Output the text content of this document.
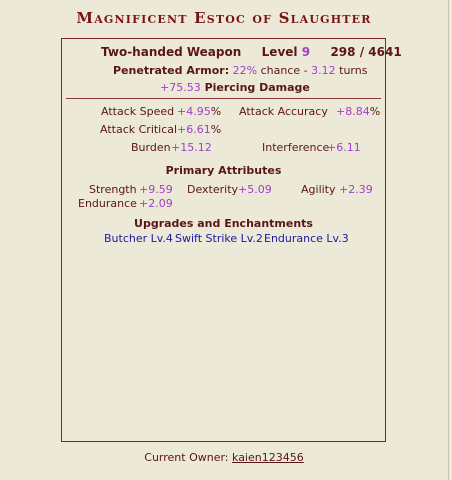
Magnificent Estoc of Slaughter
Two-handed Weapon Level 9 298 / 4641
Penetrated Armor: 22% chance - 3.12 turns
+75.53 Piercing Damage
Attack Speed +4.95% Attack Accuracy +8.84%
Attack Critical +6.61%
Burden +15.12	Interference
+6.11
Primary Attributes
Strength +9.59 Dexterity +5.09	Agility +2.39
Endurance +2.09
Upgrades and Enchantments
Butcher Lv.4 Swift Strike Lv.2 Endurance Lv.3
Current Owner: kaien123456
